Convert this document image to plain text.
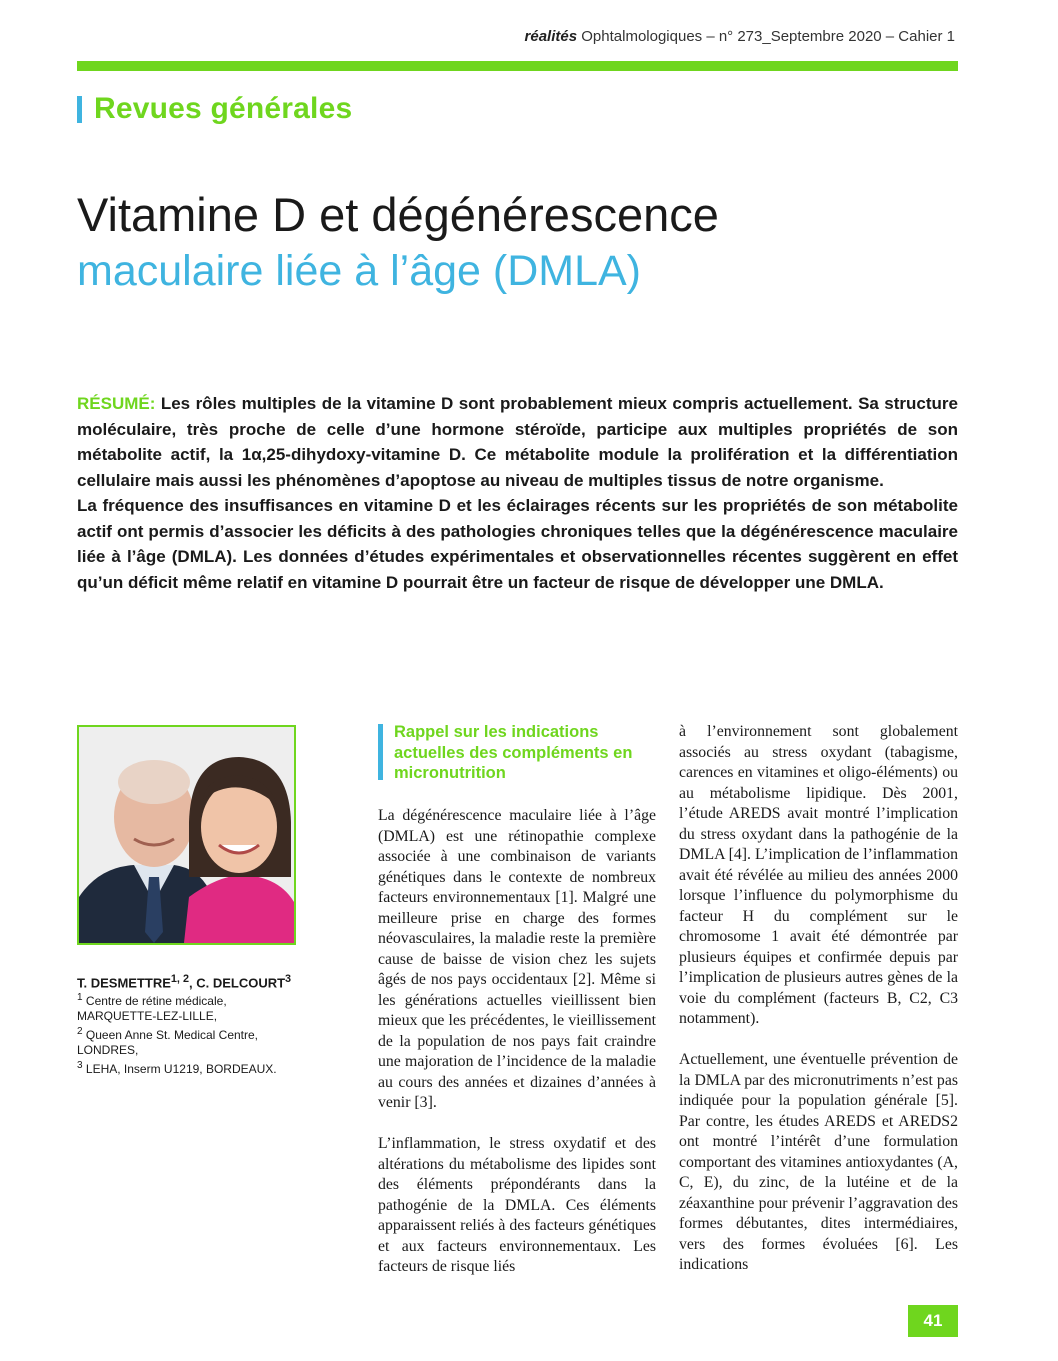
réalités Ophtalmologiques – n° 273_Septembre 2020 – Cahier 1
Revues générales
Vitamine D et dégénérescence
maculaire liée à l’âge (DMLA)

RÉSUMÉ: Les rôles multiples de la vitamine D sont probablement mieux compris actuellement. Sa structure moléculaire, très proche de celle d’une hormone stéroïde, participe aux multiples propriétés de son métabolite actif, la 1α,25-dihydoxy-vitamine D. Ce métabolite module la prolifération et la différentiation cellulaire mais aussi les phénomènes d’apoptose au niveau de multiples tissus de notre organisme.

La fréquence des insuffisances en vitamine D et les éclairages récents sur les propriétés de son métabolite actif ont permis d’associer les déficits à des pathologies chroniques telles que la dégénérescence maculaire liée à l’âge (DMLA). Les données d’études expérimentales et observationnelles récentes suggèrent en effet qu’un déficit même relatif en vitamine D pourrait être un facteur de risque de développer une DMLA.

T. DESMETTRE$^{1, 2}$, C. DELCOURT$^3$

$^1$ Centre de rétine médicale,

MARQUETTE-LEZ-LILLE,

$^2$ Queen Anne St. Medical Centre,

LONDRES,

$^3$ LEHA, Inserm U1219, BORDEAUX.

Rappel sur les indications actuelles des compléments en micronutrition

La dégénérescence maculaire liée à l’âge (DMLA) est une rétinopathie complexe associée à une combinaison de variants génétiques dans le contexte de nombreux facteurs environnementaux [1]. Malgré une meilleure prise en charge des formes néovasculaires, la maladie reste la première cause de baisse de vision chez les sujets âgés de nos pays occidentaux [2]. Même si les générations actuelles vieillissent bien mieux que les précédentes, le vieillissement de la population de nos pays fait craindre une majoration de l’incidence de la maladie au cours des années et dizaines d’années à venir [3].

L’inflammation, le stress oxydatif et des altérations du métabolisme des lipides sont des éléments prépondérants dans la pathogénie de la DMLA. Ces éléments apparaissent reliés à des facteurs génétiques et aux facteurs environnementaux. Les facteurs de risque liés

à l’environnement sont globalement associés au stress oxydant (tabagisme, carences en vitamines et oligo-éléments) ou au métabolisme lipidique. Dès 2001, l’étude AREDS avait montré l’implication du stress oxydant dans la pathogénie de la DMLA [4]. L’implication de l’inflammation avait été révélée au milieu des années 2000 lorsque l’influence du polymorphisme du facteur H du complément sur le chromosome 1 avait été démontrée par plusieurs équipes et confirmée depuis par l’implication de plusieurs autres gènes de la voie du complément (facteurs B, C2, C3 notamment).

Actuellement, une éventuelle prévention de la DMLA par des micronutriments n’est pas indiquée pour la population générale [5]. Par contre, les études AREDS et AREDS2 ont montré l’intérêt d’une formulation comportant des vitamines antioxydantes (A, C, E), du zinc, de la lutéine et de la zéaxanthine pour prévenir l’aggravation des formes débutantes, dites intermédiaires, vers des formes évoluées [6]. Les indications

41
